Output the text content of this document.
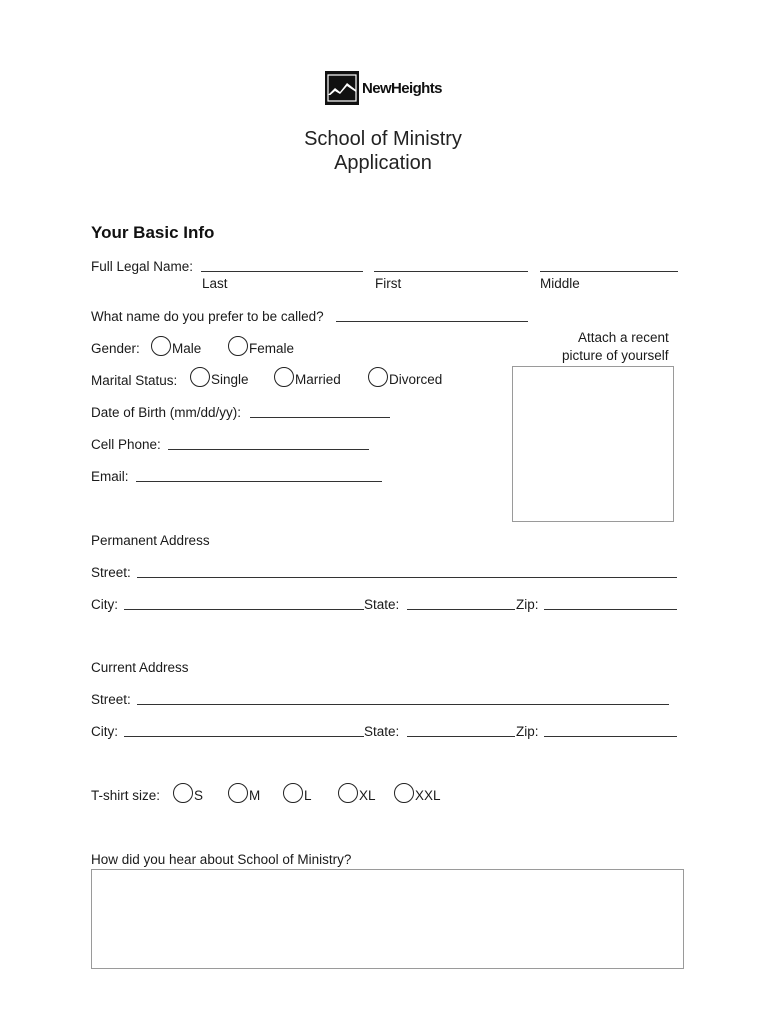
NewHeights
School of Ministry
Application
Your Basic Info
Full Legal Name:
Last	First	Middle
What name do you prefer to be called?
Attach a recent
picture of yourself
Gender: Male	Female
Marital Status: Single	Married	Divorced
Date of Birth (mm/dd/yy):
Cell Phone:
Email:
Permanent Address
Street:
City:	State:	Zip:
Current Address
Street:
City:	State:	Zip:
T-shirt size:	S	M	L	XL	XXL
How did you hear about School of Ministry?
